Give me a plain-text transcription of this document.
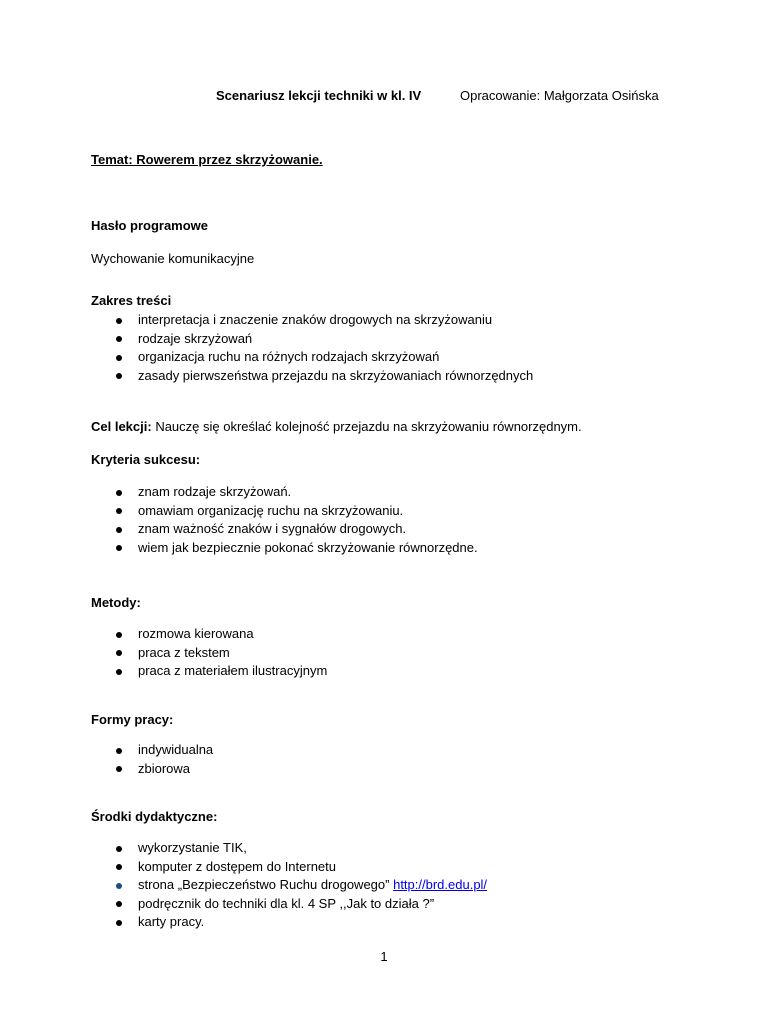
Scenariusz lekcji techniki w kl. IV	Opracowanie: Małgorzata Osińska
Temat: Rowerem przez skrzyżowanie.
Hasło programowe
Wychowanie komunikacyjne
Zakres treści
interpretacja i znaczenie znaków drogowych na skrzyżowaniu
rodzaje skrzyżowań
organizacja ruchu na różnych rodzajach skrzyżowań
zasady pierwszeństwa przejazdu na skrzyżowaniach równorzędnych
Cel lekcji: Nauczę się określać kolejność przejazdu na skrzyżowaniu równorzędnym.
Kryteria sukcesu:
znam rodzaje skrzyżowań.
omawiam organizację ruchu na skrzyżowaniu.
znam ważność znaków i sygnałów drogowych.
wiem jak bezpiecznie pokonać skrzyżowanie równorzędne.
Metody:
rozmowa kierowana
praca z tekstem
praca z materiałem ilustracyjnym
Formy pracy:
indywidualna
zbiorowa
Środki dydaktyczne:
wykorzystanie TIK,
komputer z dostępem do Internetu
strona „Bezpieczeństwo Ruchu drogowego” http://brd.edu.pl/
podręcznik do techniki dla kl. 4 SP ,,Jak to działa ?”
karty pracy.
1
